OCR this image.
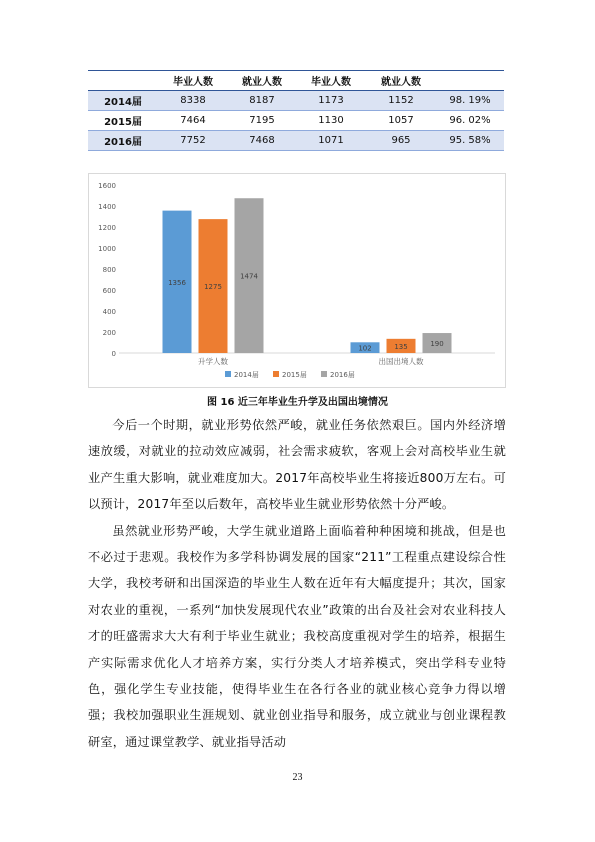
	毕业人数	就业人数	毕业人数	就业人数	
2014届	8338	8187	1173	1152	98. 19%
2015届	7464	7195	1130	1057	96. 02%
2016届	7752	7468	1071	965	95. 58%
0
200
400
600
800
1000
1200
1400
1600
1356
1275
1474
升学人数
102	135	190
出国出境人数
2014届	2015届	2016届
图 16 近三年毕业生升学及出国出境情况

今后一个时期，就业形势依然严峻，就业任务依然艰巨。国内外经济增速放缓，对就业的拉动效应减弱，社会需求疲软，客观上会对高校毕业生就业产生重大影响，就业难度加大。2017年高校毕业生将接近800万左右。可以预计，2017年至以后数年，高校毕业生就业形势依然十分严峻。

虽然就业形势严峻，大学生就业道路上面临着种种困境和挑战，但是也不必过于悲观。我校作为多学科协调发展的国家“211”工程重点建设综合性大学，我校考研和出国深造的毕业生人数在近年有大幅度提升；其次，国家对农业的重视，一系列“加快发展现代农业”政策的出台及社会对农业科技人才的旺盛需求大大有利于毕业生就业；我校高度重视对学生的培养，根据生产实际需求优化人才培养方案，实行分类人才培养模式，突出学科专业特色，强化学生专业技能，使得毕业生在各行各业的就业核心竞争力得以增强；我校加强职业生涯规划、就业创业指导和服务，成立就业与创业课程教研室，通过课堂教学、就业指导活动

23
